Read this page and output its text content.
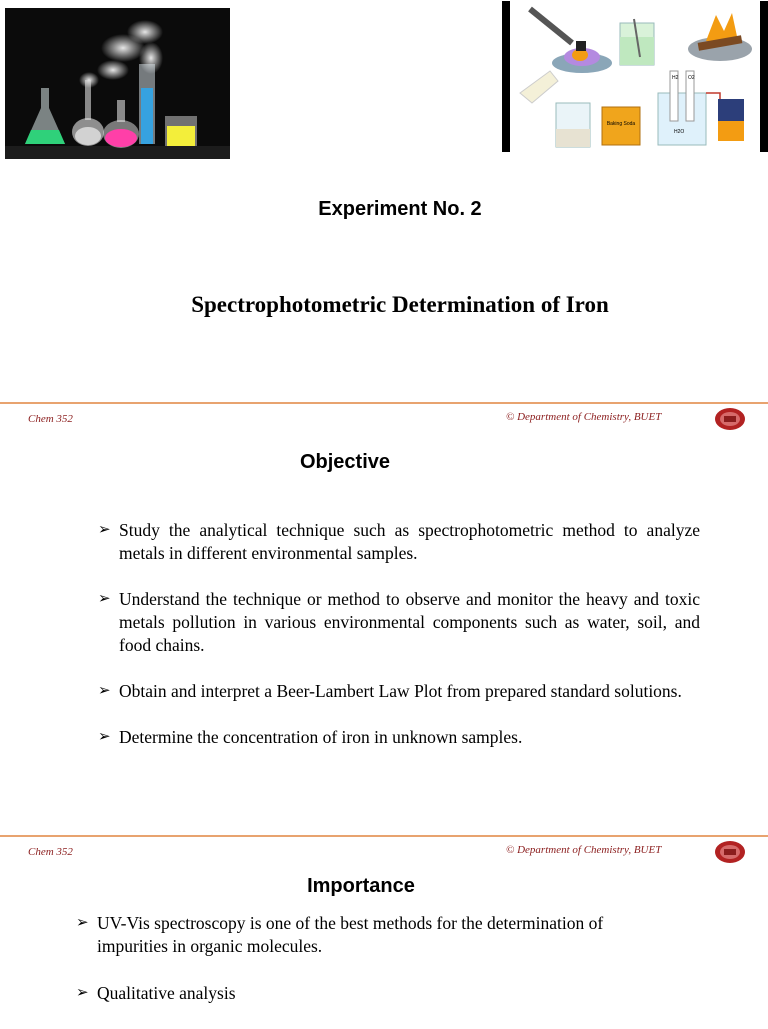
Baking Soda
H2 O2
H2O
Experiment No. 2
Spectrophotometric Determination of Iron
Chem 352	© Department of Chemistry, BUET
Objective
➢ Study the analytical technique such as spectrophotometric method to analyze metals in different environmental samples.
➢ Understand the technique or method to observe and monitor the heavy and toxic metals pollution in various environmental components such as water, soil, and food chains.
➢ Obtain and interpret a Beer-Lambert Law Plot from prepared standard solutions.
➢ Determine the concentration of iron in unknown samples.
Chem 352	© Department of Chemistry, BUET
Importance
➢ UV-Vis spectroscopy is one of the best methods for the determination of impurities in organic molecules.
➢ Qualitative analysis
